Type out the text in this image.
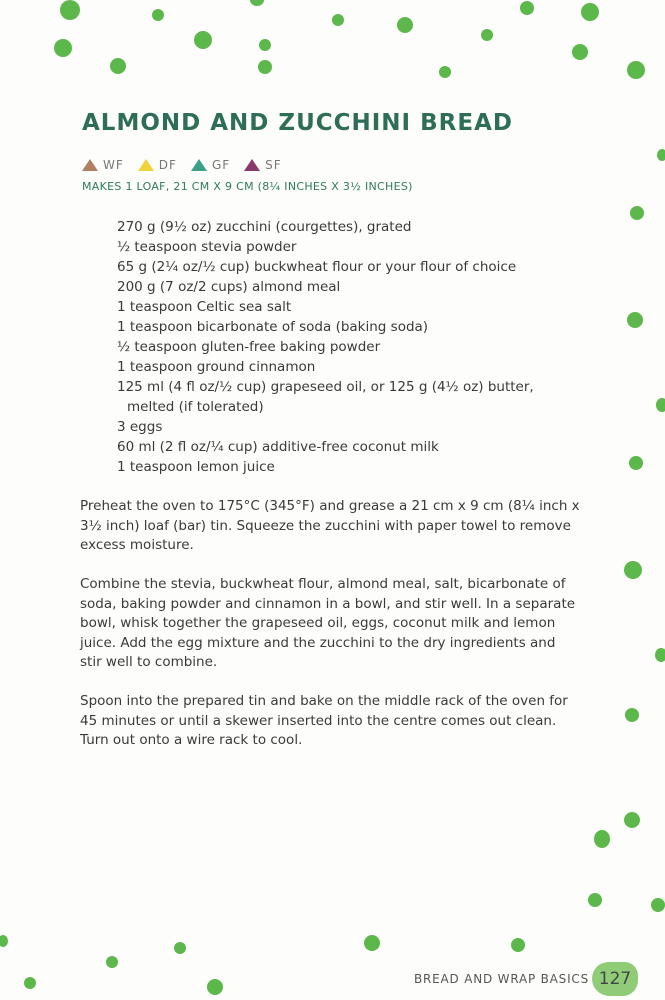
ALMOND AND ZUCCHINI BREAD
WF	DF	GF	SF
MAKES 1 LOAF, 21 CM X 9 CM (8¼ INCHES X 3½ INCHES)
270 g (9½ oz) zucchini (courgettes), grated
½ teaspoon stevia powder
65 g (2¼ oz/½ cup) buckwheat flour or your flour of choice
200 g (7 oz/2 cups) almond meal
1 teaspoon Celtic sea salt
1 teaspoon bicarbonate of soda (baking soda)
½ teaspoon gluten-free baking powder
1 teaspoon ground cinnamon
125 ml (4 fl oz/½ cup) grapeseed oil, or 125 g (4½ oz) butter,
melted (if tolerated)
3 eggs
60 ml (2 fl oz/¼ cup) additive-free coconut milk
1 teaspoon lemon juice

Preheat the oven to 175°C (345°F) and grease a 21 cm x 9 cm (8¼ inch x 3½ inch) loaf (bar) tin. Squeeze the zucchini with paper towel to remove excess moisture.

Combine the stevia, buckwheat flour, almond meal, salt, bicarbonate of soda, baking powder and cinnamon in a bowl, and stir well. In a separate bowl, whisk together the grapeseed oil, eggs, coconut milk and lemon juice. Add the egg mixture and the zucchini to the dry ingredients and stir well to combine.

Spoon into the prepared tin and bake on the middle rack of the oven for 45 minutes or until a skewer inserted into the centre comes out clean. Turn out onto a wire rack to cool.

BREAD AND WRAP BASICS 127
